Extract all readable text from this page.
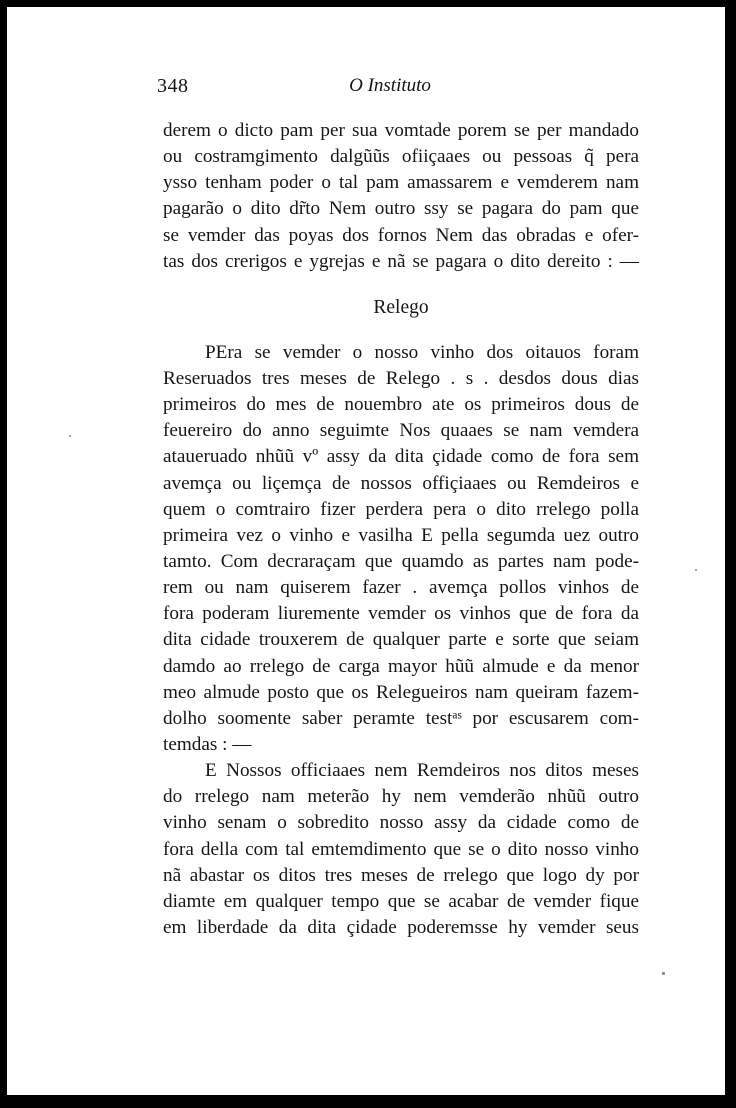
348	O Instituto
derem o dicto pam per sua vomtade porem se per mandado
ou costramgimento dalgũũs ofiiçaaes ou pessoas q̃ pera
ysso tenham poder o tal pam amassarem e vemderem nam
pagarão o dito dr̃to Nem outro ssy se pagara do pam que
se vemder das poyas dos fornos Nem das obradas e ofer-
tas dos crerigos e ygrejas e nã se pagara o dito dereito : —
Relego
PEra se vemder o nosso vinho dos oitauos foram
Reseruados tres meses de Relego . s . desdos dous dias
primeiros do mes de nouembro ate os primeiros dous de
feuereiro do anno seguimte Nos quaaes se nam vemdera
ataueruado nhũũ vº assy da dita çidade como de fora sem
avemça ou liçemça de nossos offiçiaaes ou Remdeiros e
quem o comtrairo fizer perdera pera o dito rrelego polla
primeira vez o vinho e vasilha E pella segumda uez outro
tamto. Com decraraçam que quamdo as partes nam pode-
rem ou nam quiserem fazer . avemça pollos vinhos de
fora poderam liuremente vemder os vinhos que de fora da
dita cidade trouxerem de qualquer parte e sorte que seiam
damdo ao rrelego de carga mayor hũũ almude e da menor
meo almude posto que os Relegueiros nam queiram fazem-
dolho soomente saber peramte testᵃˢ por escusarem com-
temdas : —
E Nossos officiaaes nem Remdeiros nos ditos meses
do rrelego nam meterão hy nem vemderão nhũũ outro
vinho senam o sobredito nosso assy da cidade como de
fora della com tal emtemdimento que se o dito nosso vinho
nã abastar os ditos tres meses de rrelego que logo dy por
diamte em qualquer tempo que se acabar de vemder fique
em liberdade da dita çidade poderemsse hy vemder seus
